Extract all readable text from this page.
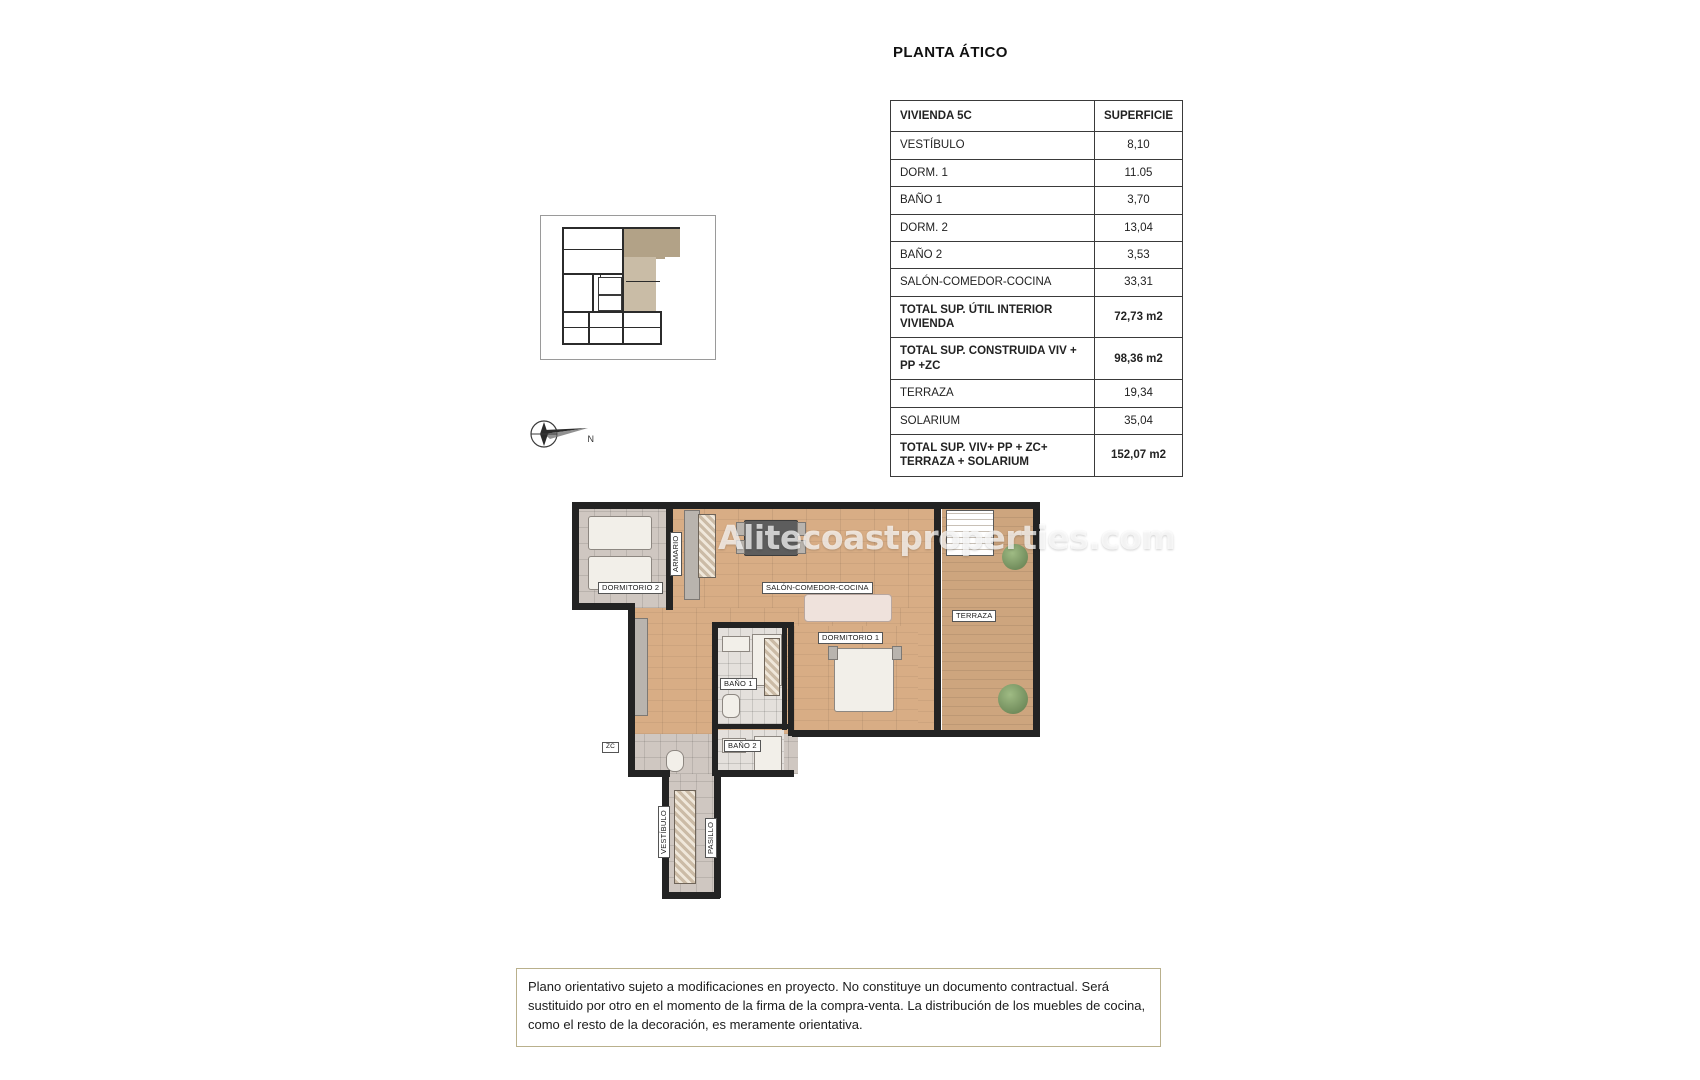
PLANTA ÁTICO
VIVIENDA 5C	SUPERFICIE
VESTÍBULO	8,10
DORM. 1	11.05
BAÑO 1	3,70
DORM. 2	13,04
BAÑO 2	3,53
SALÓN-COMEDOR-COCINA	33,31
TOTAL SUP. ÚTIL INTERIOR VIVIENDA	72,73 m2
TOTAL SUP. CONSTRUIDA VIV + PP +ZC	98,36 m2
TERRAZA	19,34
SOLARIUM	35,04
TOTAL SUP. VIV+ PP + ZC+ TERRAZA + SOLARIUM	152,07 m2
N
DORMITORIO 2	SALÓN-COMEDOR-COCINA
TERRAZA
DORMITORIO 1
BAÑO 1
BAÑO 2
VESTÍBULO	PASILLO
ARMARIO
ZC
Alitecoastproperties.com

Plano orientativo sujeto a modificaciones en proyecto. No constituye un documento contractual. Será sustituido por otro en el momento de la firma de la compra-venta. La distribución de los muebles de cocina, como el resto de la decoración, es meramente orientativa.
